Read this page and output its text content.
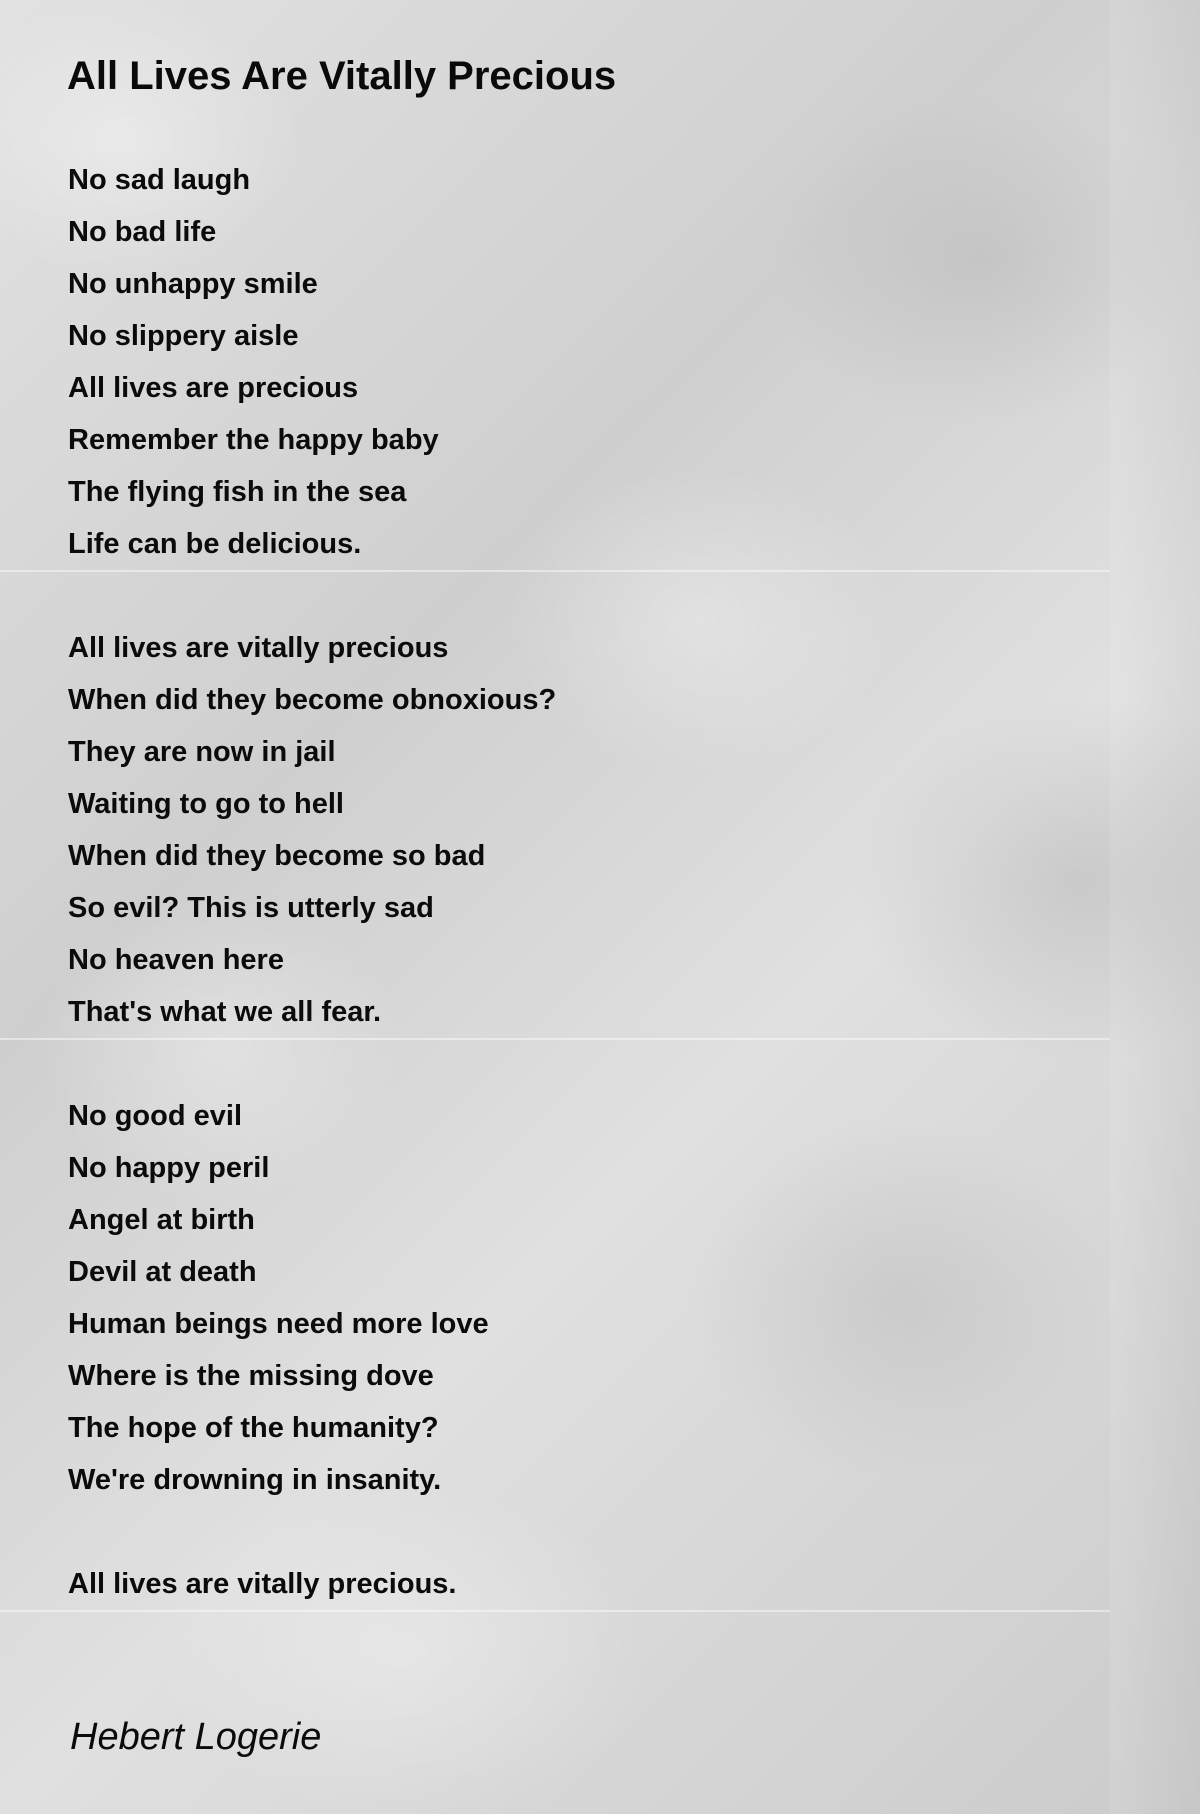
All Lives Are Vitally Precious

No sad laugh
No bad life
No unhappy smile
No slippery aisle
All lives are precious
Remember the happy baby
The flying fish in the sea
Life can be delicious.

All lives are vitally precious
When did they become obnoxious?
They are now in jail
Waiting to go to hell
When did they become so bad
So evil? This is utterly sad
No heaven here
That's what we all fear.

No good evil
No happy peril
Angel at birth
Devil at death
Human beings need more love
Where is the missing dove
The hope of the humanity?
We're drowning in insanity.

All lives are vitally precious.

Hebert Logerie
